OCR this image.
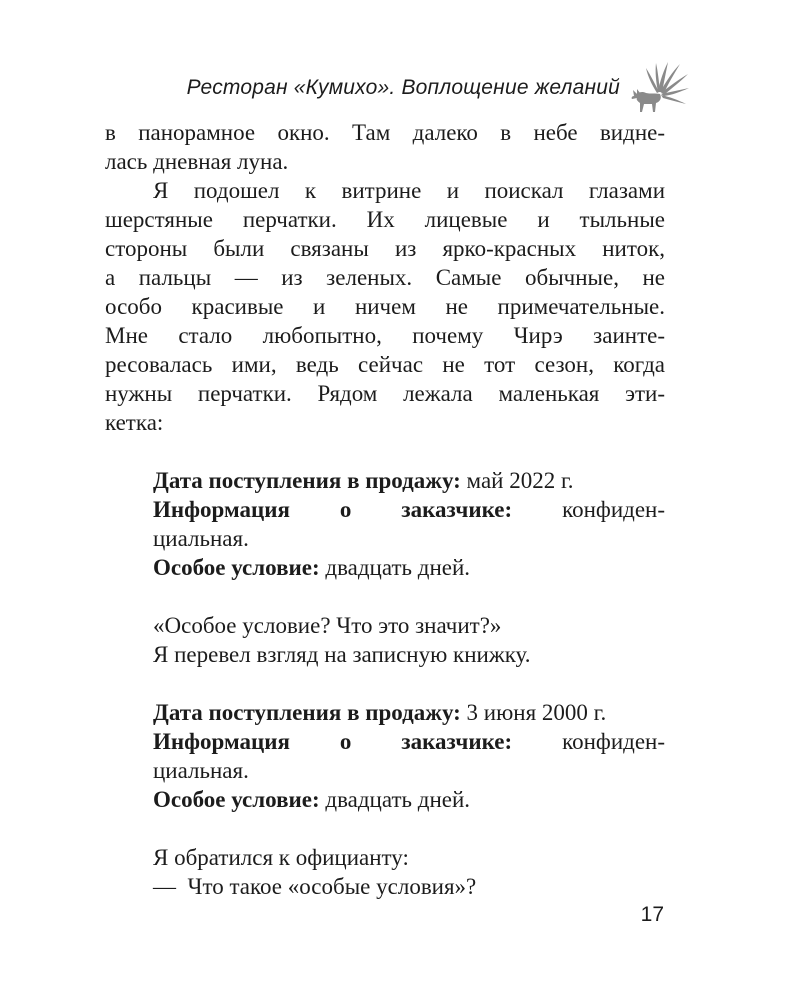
Ресторан «Кумихо». Воплощение желаний

в панорамное окно. Там далеко в небе видне-
лась дневная луна.

Я подошел к витрине и поискал глазами
шерстяные перчатки. Их лицевые и тыльные
стороны были связаны из ярко-красных ниток,
а пальцы — из зеленых. Самые обычные, не
особо красивые и ничем не примечательные.
Мне стало любопытно, почему Чирэ заинте-
ресовалась ими, ведь сейчас не тот сезон, когда
нужны перчатки. Рядом лежала маленькая эти-
кетка:

Дата поступления в продажу: май 2022 г.
Информация о заказчике: конфиден-
циальная.
Особое условие: двадцать дней.
«Особое условие? Что это значит?»
Я перевел взгляд на записную книжку.
Дата поступления в продажу: 3 июня 2000 г.
Информация о заказчике: конфиден-
циальная.
Особое условие: двадцать дней.
Я обратился к официанту:
—  Что такое «особые условия»?
17
